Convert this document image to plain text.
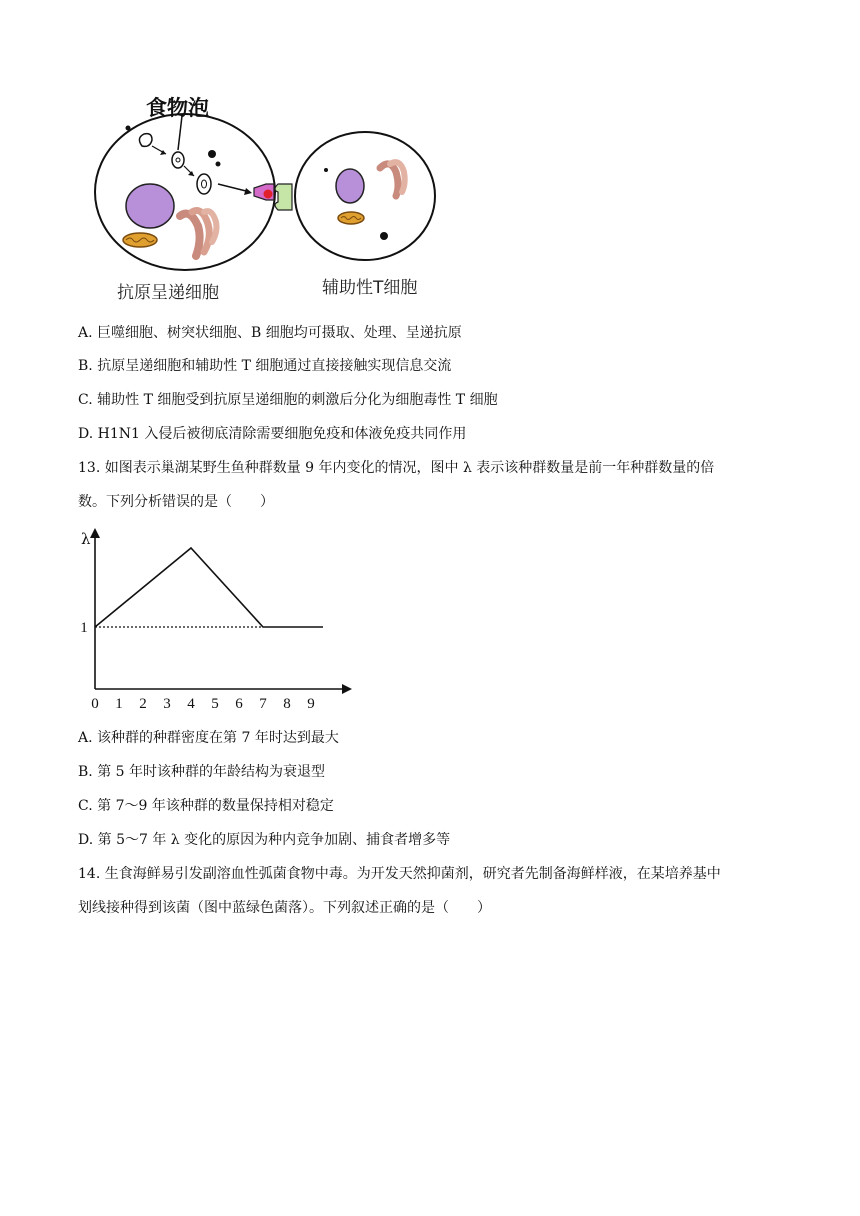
食物泡
抗原呈递细胞	辅助性T细胞
A. 巨噬细胞、树突状细胞、B 细胞均可摄取、处理、呈递抗原
B. 抗原呈递细胞和辅助性 T 细胞通过直接接触实现信息交流
C. 辅助性 T 细胞受到抗原呈递细胞的刺激后分化为细胞毒性 T 细胞
D. H1N1 入侵后被彻底清除需要细胞免疫和体液免疫共同作用
13. 如图表示巢湖某野生鱼种群数量 9 年内变化的情况，图中 λ 表示该种群数量是前一年种群数量的倍
数。下列分析错误的是（　　）
λ
0 1 2 3 4 5 6 7 8 9
1
A. 该种群的种群密度在第 7 年时达到最大
B. 第 5 年时该种群的年龄结构为衰退型
C. 第 7～9 年该种群的数量保持相对稳定
D. 第 5～7 年 λ 变化的原因为种内竞争加剧、捕食者增多等
14. 生食海鲜易引发副溶血性弧菌食物中毒。为开发天然抑菌剂，研究者先制备海鲜样液，在某培养基中
划线接种得到该菌（图中蓝绿色菌落）。下列叙述正确的是（　　）
